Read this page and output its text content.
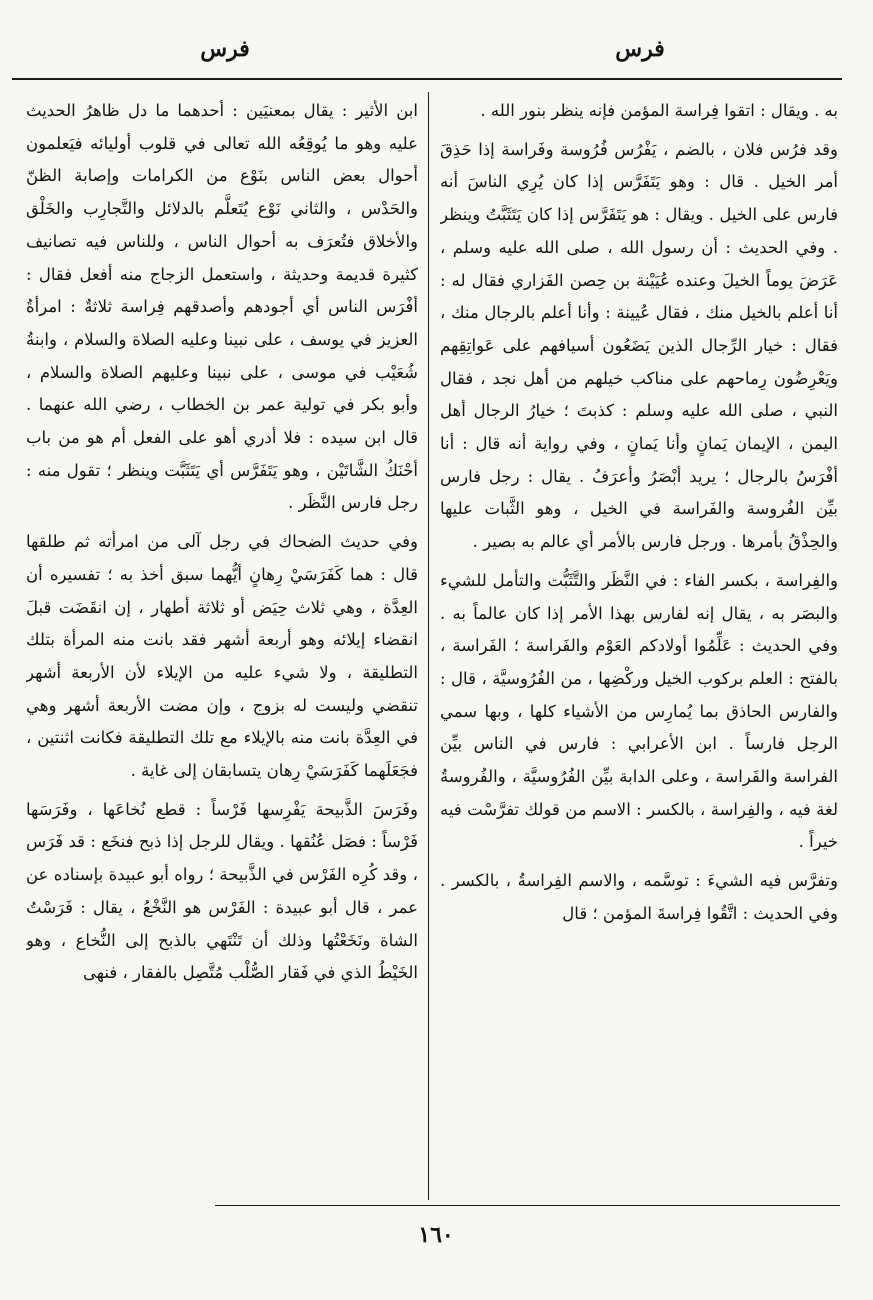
فرس
فرس

به . ويقال : اتقوا فِراسة المؤمن فإنه ينظر بنور الله .

وقد فرُس فلان ، بالضم ، يَفْرُس فُرُوسة وفَراسة إذا حَذِقَ أمر الخيل . قال : وهو يَتَفَرَّس إذا كان يُرِي الناسَ أنه فارس على الخيل . ويقال : هو يَتَفَرَّس إذا كان يَتَثَبَّتُ وينظر . وفي الحديث : أن رسول الله ، صلى الله عليه وسلم ، عَرَضَ يوماً الخيلَ وعنده عُيَيْنة بن حِصن الفَزاري فقال له : أنا أعلم بالخيل منك ، فقال عُيينة : وأنا أعلم بالرجال منك ، فقال : خيار الرِّجال الذين يَضَعُون أسيافهم على عَواتِقِهم ويَعْرِضُون رِماحهم على مناكب خيلهم من أهل نجد ، فقال النبي ، صلى الله عليه وسلم : كذبتَ ؛ خيارُ الرجال أهل اليمن ، الإيمان يَمانٍ وأنا يَمانٍ ، وفي رواية أنه قال : أنا أفْرَسُ بالرجال ؛ يريد أبْصَرُ وأعرَفُ . يقال : رجل فارس بيِّن الفُروسة والفَراسة في الخيل ، وهو الثَّبات عليها والحِذْقُ بأمرها . ورجل فارس بالأمر أي عالم به بصير .

والفِراسة ، بكسر الفاء : في النَّظَر والتَّثَبُّت والتأمل للشيء والبصَر به ، يقال إنه لفارس بهذا الأمر إذا كان عالماً به . وفي الحديث : عَلِّمُوا أولادكم العَوْم والفَراسة ؛ الفَراسة ، بالفتح : العلم بركوب الخيل وركْضِها ، من الفُرُوسيَّة ، قال : والفارس الحاذق بما يُمارِس من الأشياء كلها ، وبها سمي الرجل فارساً . ابن الأعرابي : فارس في الناس بيِّن الفراسة والفَراسة ، وعلى الدابة بيِّن الفُرُوسيَّة ، والفُروسةُ لغة فيه ، والفِراسة ، بالكسر : الاسم من قولك تفرَّسْت فيه خيراً .

وتفرَّس فيه الشيءَ : توسَّمه ، والاسم الفِراسةُ ، بالكسر . وفي الحديث : اتَّقُوا فِراسةَ المؤمن ؛ قال

ابن الأثير : يقال بمعنيَين : أحدهما ما دل ظاهرُ الحديث عليه وهو ما يُوقِعُه الله تعالى في قلوب أوليائه فيَعلمون أحوال بعض الناس بنَوْع من الكرامات وإصابة الظنّ والحَدْس ، والثاني نَوْع يُتَعلَّم بالدلائل والتَّجارِب والخَلْق والأخلاق فتُعرَف به أحوال الناس ، وللناس فيه تصانيف كثيرة قديمة وحديثة ، واستعمل الزجاج منه أفعل فقال : أفْرَس الناس أي أجودهم وأصدقهم فِراسة ثلاثةٌ : امرأةُ العزيز في يوسف ، على نبينا وعليه الصلاة والسلام ، وابنةُ شُعَيْب في موسى ، على نبينا وعليهم الصلاة والسلام ، وأبو بكر في تولية عمر بن الخطاب ، رضي الله عنهما . قال ابن سيده : فلا أدري أهو على الفعل أم هو من باب أحْنَكُ الشَّاتَيْن ، وهو يَتَفَرَّس أي يَتَثَبَّت وينظر ؛ تقول منه : رجل فارس النَّظَر .

وفي حديث الضحاك في رجل آلى من امرأته ثم طلقها قال : هما كَفَرَسَيْ رِهانٍ أيُّهما سبق أخذ به ؛ تفسيره أن العِدَّة ، وهي ثلاث حِيَض أو ثلاثة أطهار ، إن انقَضَت قبلَ انقضاء إيلائه وهو أربعة أشهر فقد بانت منه المرأة بتلك التطليقة ، ولا شيء عليه من الإيلاء لأن الأربعة أشهر تنقضي وليست له بزوج ، وإن مضت الأربعة أشهر وهي في العِدَّة بانت منه بالإيلاء مع تلك التطليقة فكانت اثنتين ، فجَعَلَهما كَفَرَسَيْ رِهان يتسابقان إلى غاية .

وفَرَسَ الذَّبيحة يَفْرِسها فَرْساً : قطع نُخاعَها ، وفَرَسَها فَرْساً : فصَل عُنُقها . ويقال للرجل إذا ذبح فنخَع : قد فَرَس ، وقد كُرِه الفَرْس في الذَّبيحة ؛ رواه أبو عبيدة بإسناده عن عمر ، قال أبو عبيدة : الفَرْس هو النَّخْعُ ، يقال : فَرَسْتُ الشاة ونَخَعْتُها وذلك أن تَنْتَهي بالذبح إلى النُّخاع ، وهو الخَيْطُ الذي في فَقار الصُّلْب مُتَّصِل بالفقار ، فنهى

١٦٠
